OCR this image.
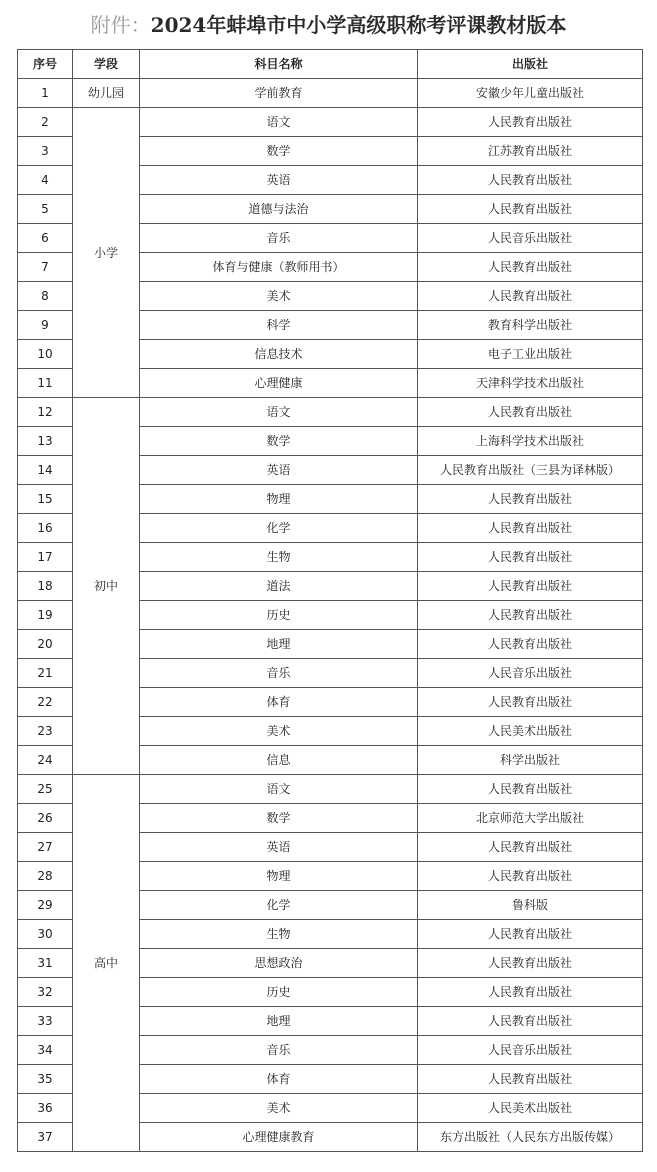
附件：2024年蚌埠市中小学高级职称考评课教材版本
序号	学段	科目名称	出版社
1	幼儿园	学前教育	安徽少年儿童出版社
2	小学	语文	人民教育出版社
3		数学	江苏教育出版社
4		英语	人民教育出版社
5		道德与法治	人民教育出版社
6		音乐	人民音乐出版社
7		体育与健康（教师用书）	人民教育出版社
8		美术	人民教育出版社
9		科学	教育科学出版社
10		信息技术	电子工业出版社
11		心理健康	天津科学技术出版社
12	初中	语文	人民教育出版社
13		数学	上海科学技术出版社
14		英语	人民教育出版社（三县为译林版）
15		物理	人民教育出版社
16		化学	人民教育出版社
17		生物	人民教育出版社
18		道法	人民教育出版社
19		历史	人民教育出版社
20		地理	人民教育出版社
21		音乐	人民音乐出版社
22		体育	人民教育出版社
23		美术	人民美术出版社
24		信息	科学出版社
25	高中	语文	人民教育出版社
26		数学	北京师范大学出版社
27		英语	人民教育出版社
28		物理	人民教育出版社
29		化学	鲁科版
30		生物	人民教育出版社
31		思想政治	人民教育出版社
32		历史	人民教育出版社
33		地理	人民教育出版社
34		音乐	人民音乐出版社
35		体育	人民教育出版社
36		美术	人民美术出版社
37		心理健康教育	东方出版社（人民东方出版传媒）
